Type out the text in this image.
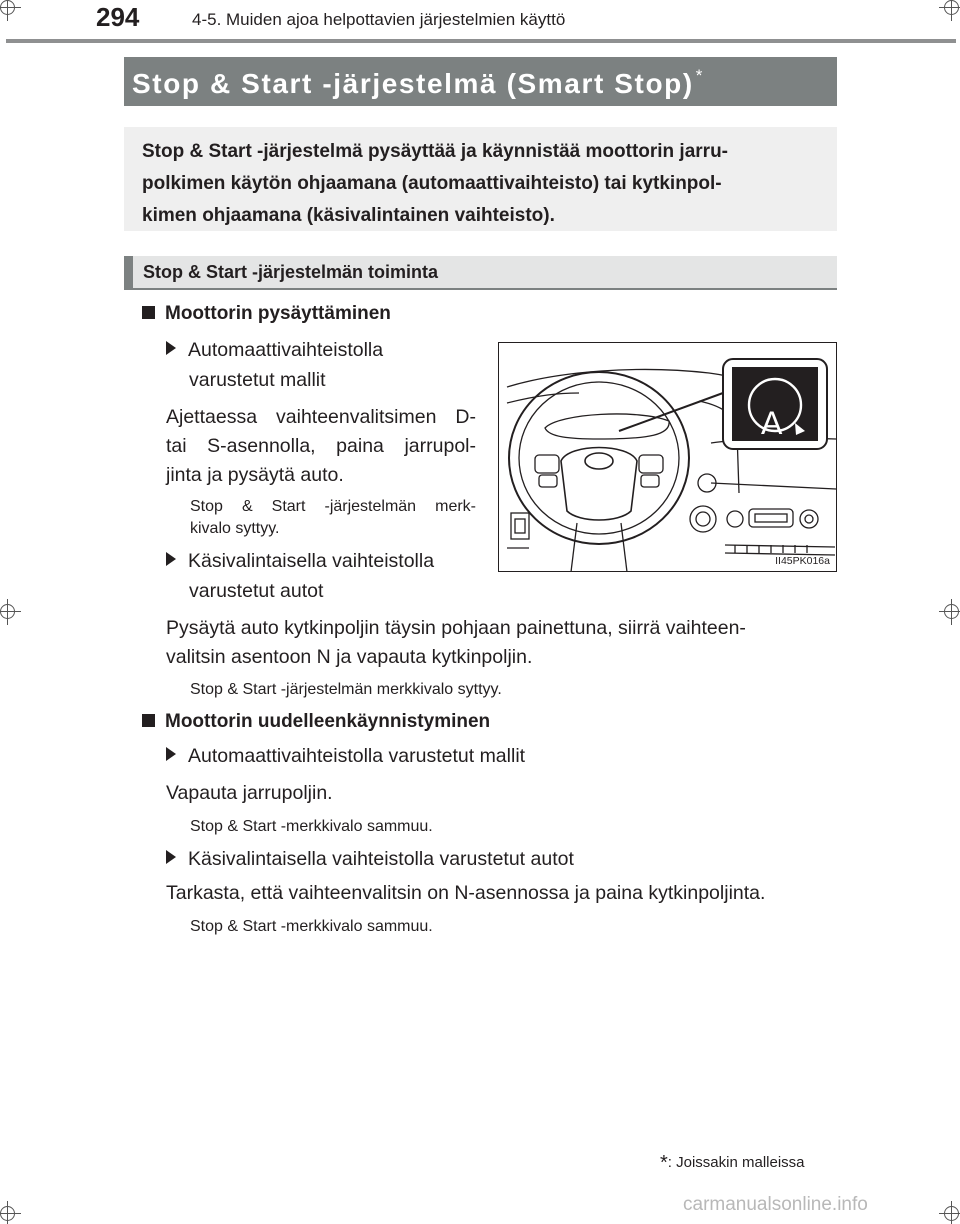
294	4-5. Muiden ajoa helpottavien järjestelmien käyttö
Stop & Start -järjestelmä (Smart Stop) *
Stop & Start -järjestelmä pysäyttää ja käynnistää moottorin jarru-
polkimen käytön ohjaamana (automaattivaihteisto) tai kytkinpol-
kimen ohjaamana (käsivalintainen vaihteisto).
Stop & Start -järjestelmän toiminta
Moottorin pysäyttäminen
Automaattivaihteistolla
varustetut mallit
Ajettaessa vaihteenvalitsimen D-
tai S-asennolla, paina jarrupol-
jinta ja pysäytä auto.
Stop & Start -järjestelmän merk-
kivalo syttyy.
Käsivalintaisella vaihteistolla
varustetut autot
Pysäytä auto kytkinpoljin täysin pohjaan painettuna, siirrä vaihteen-
valitsin asentoon N ja vapauta kytkinpoljin.
Stop & Start -järjestelmän merkkivalo syttyy.
Moottorin uudelleenkäynnistyminen
Automaattivaihteistolla varustetut mallit
Vapauta jarrupoljin.
Stop & Start -merkkivalo sammuu.
Käsivalintaisella vaihteistolla varustetut autot
Tarkasta, että vaihteenvalitsin on N-asennossa ja paina kytkinpoljinta.
Stop & Start -merkkivalo sammuu.
A
II45PK016a
*: Joissakin malleissa
carmanualsonline.info
